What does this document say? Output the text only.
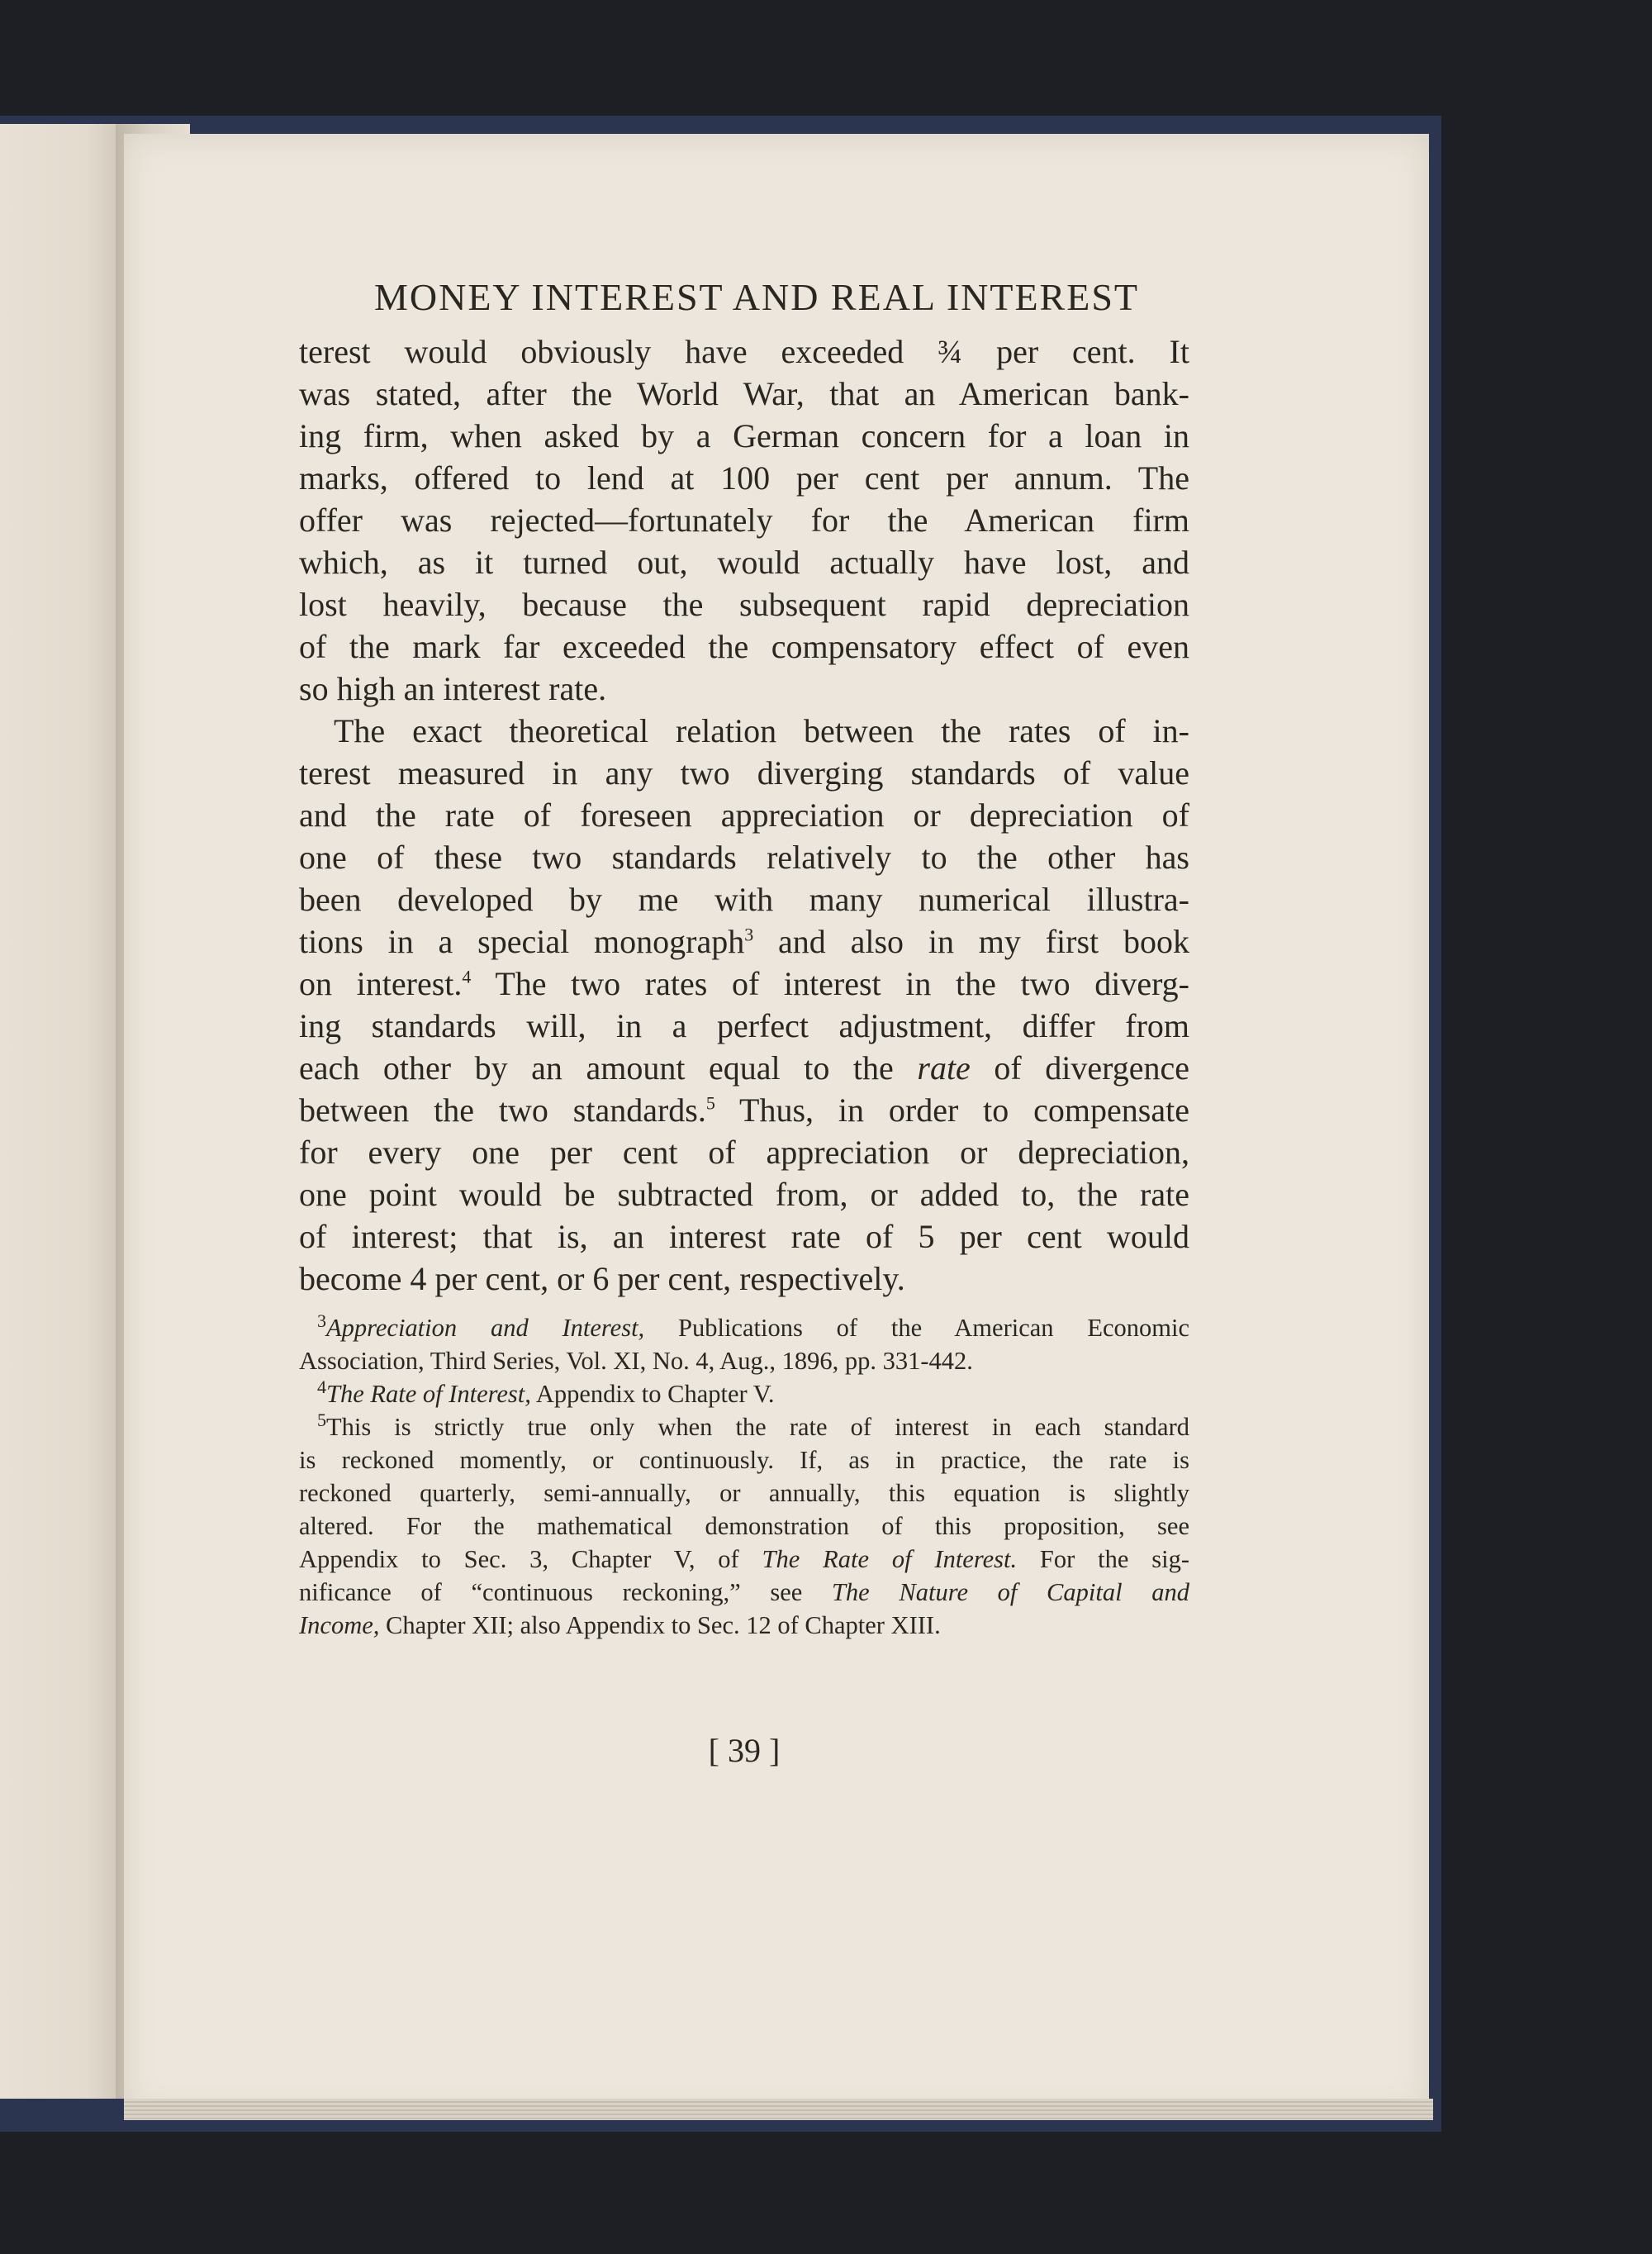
MONEY INTEREST AND REAL INTEREST
terest would obviously have exceeded ¾ per cent. It
was stated, after the World War, that an American bank-
ing firm, when asked by a German concern for a loan in
marks, offered to lend at 100 per cent per annum. The
offer was rejected—fortunately for the American firm
which, as it turned out, would actually have lost, and
lost heavily, because the subsequent rapid depreciation
of the mark far exceeded the compensatory effect of even
so high an interest rate.
The exact theoretical relation between the rates of in-
terest measured in any two diverging standards of value
and the rate of foreseen appreciation or depreciation of
one of these two standards relatively to the other has
been developed by me with many numerical illustra-
tions in a special monograph$^3$ and also in my first book
on interest.$^4$ The two rates of interest in the two diverg-
ing standards will, in a perfect adjustment, differ from
each other by an amount equal to the rate of divergence
between the two standards.$^5$ Thus, in order to compensate
for every one per cent of appreciation or depreciation,
one point would be subtracted from, or added to, the rate
of interest; that is, an interest rate of 5 per cent would
become 4 per cent, or 6 per cent, respectively.
$^3$Appreciation and Interest, Publications of the American Economic
Association, Third Series, Vol. XI, No. 4, Aug., 1896, pp. 331-442.
$^4$The Rate of Interest, Appendix to Chapter V.
$^5$This is strictly true only when the rate of interest in each standard
is reckoned momently, or continuously. If, as in practice, the rate is
reckoned quarterly, semi-annually, or annually, this equation is slightly
altered. For the mathematical demonstration of this proposition, see
Appendix to Sec. 3, Chapter V, of The Rate of Interest. For the sig-
nificance of “continuous reckoning,” see The Nature of Capital and
Income, Chapter XII; also Appendix to Sec. 12 of Chapter XIII.
[ 39 ]
